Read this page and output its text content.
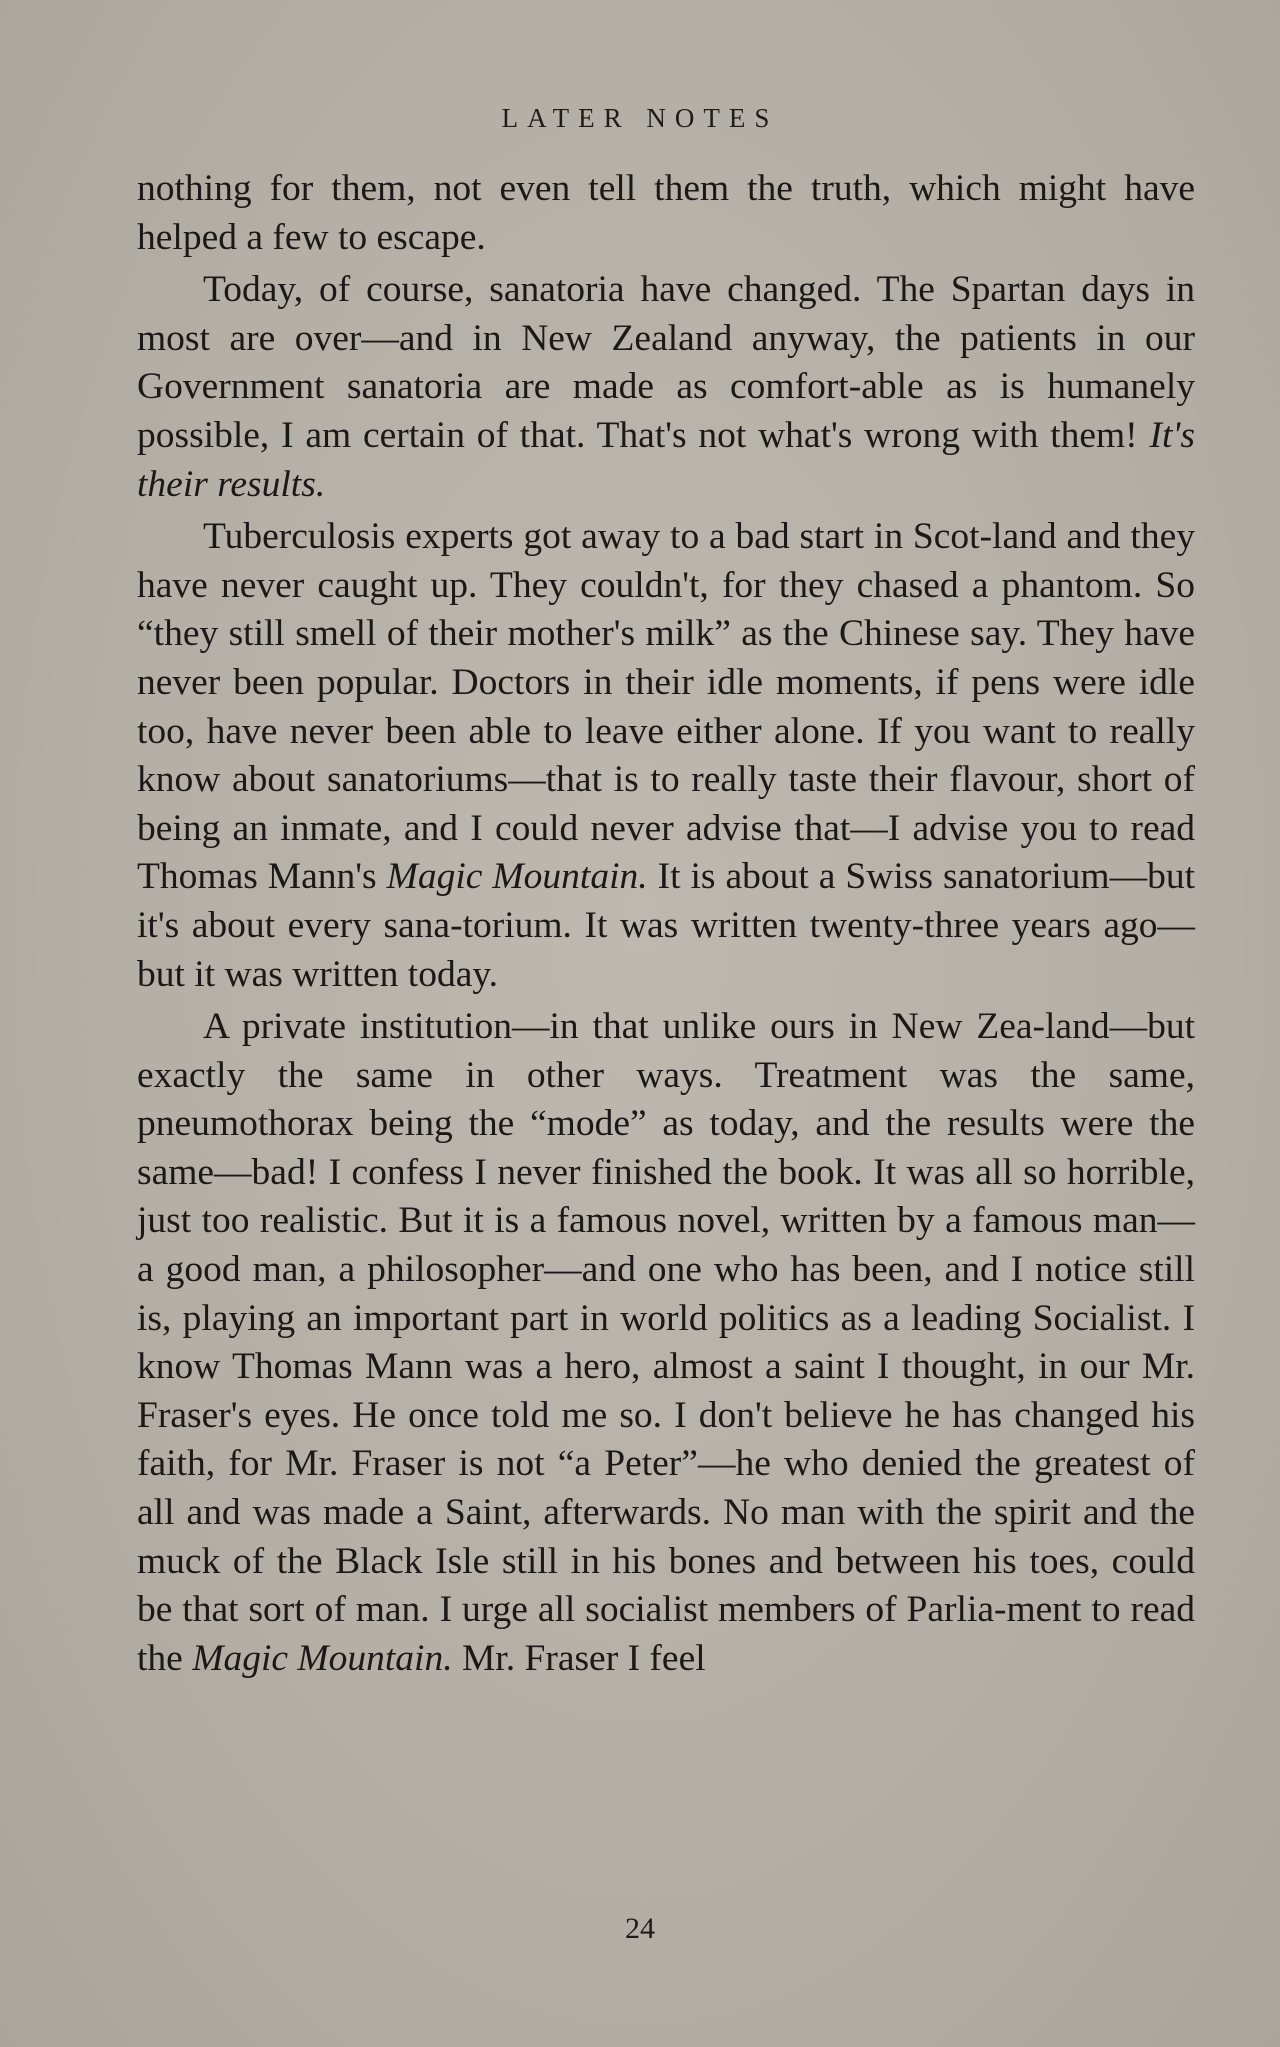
LATER NOTES

nothing for them, not even tell them the truth, which might have helped a few to escape.

Today, of course, sanatoria have changed. The Spartan days in most are over—and in New Zealand anyway, the patients in our Government sanatoria are made as comfort-able as is humanely possible, I am certain of that. That's not what's wrong with them! It's their results.

Tuberculosis experts got away to a bad start in Scot-land and they have never caught up. They couldn't, for they chased a phantom. So “they still smell of their mother's milk” as the Chinese say. They have never been popular. Doctors in their idle moments, if pens were idle too, have never been able to leave either alone. If you want to really know about sanatoriums—that is to really taste their flavour, short of being an inmate, and I could never advise that—I advise you to read Thomas Mann's Magic Mountain. It is about a Swiss sanatorium—but it's about every sana-torium. It was written twenty-three years ago—but it was written today.

A private institution—in that unlike ours in New Zea-land—but exactly the same in other ways. Treatment was the same, pneumothorax being the “mode” as today, and the results were the same—bad! I confess I never finished the book. It was all so horrible, just too realistic. But it is a famous novel, written by a famous man—a good man, a philosopher—and one who has been, and I notice still is, playing an important part in world politics as a leading Socialist. I know Thomas Mann was a hero, almost a saint I thought, in our Mr. Fraser's eyes. He once told me so. I don't believe he has changed his faith, for Mr. Fraser is not “a Peter”—he who denied the greatest of all and was made a Saint, afterwards. No man with the spirit and the muck of the Black Isle still in his bones and between his toes, could be that sort of man. I urge all socialist members of Parlia-ment to read the Magic Mountain. Mr. Fraser I feel

24
